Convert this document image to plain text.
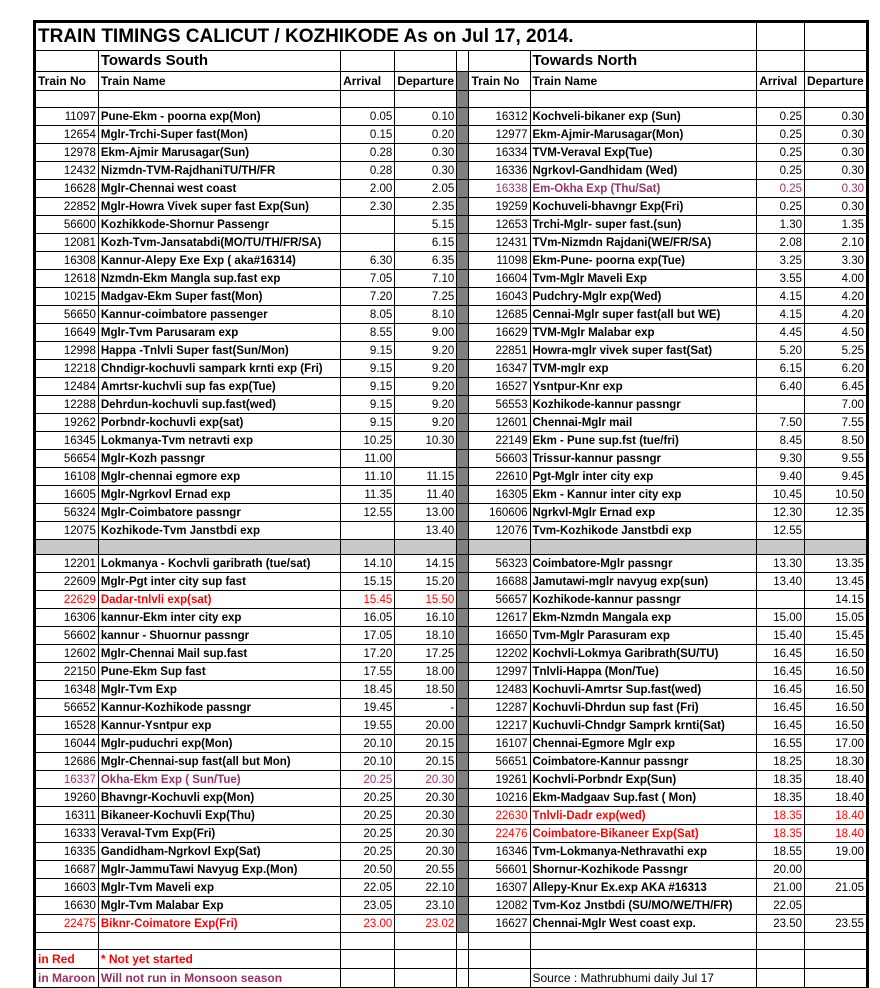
TRAIN TIMINGS CALICUT / KOZHIKODE As on Jul 17, 2014.								
	Towards South					Towards North		
Train No	Train Name	Arrival	Departure		Train No	Train Name	Arrival	Departure

11097	Pune-Ekm - poorna exp(Mon)	0.05	0.10		16312	Kochveli-bikaner exp (Sun)	0.25	0.30
12654	Mglr-Trchi-Super fast(Mon)	0.15	0.20		12977	Ekm-Ajmir-Marusagar(Mon)	0.25	0.30
12978	Ekm-Ajmir Marusagar(Sun)	0.28	0.30		16334	TVM-Veraval Exp(Tue)	0.25	0.30
12432	Nizmdn-TVM-RajdhaniTU/TH/FR	0.28	0.30		16336	Ngrkovl-Gandhidam (Wed)	0.25	0.30
16628	Mglr-Chennai west coast	2.00	2.05		16338	Em-Okha Exp (Thu/Sat)	0.25	0.30
22852	Mglr-Howra Vivek super fast Exp(Sun)	2.30	2.35		19259	Kochuveli-bhavngr Exp(Fri)	0.25	0.30
56600	Kozhikkode-Shornur Passengr		5.15		12653	Trchi-Mglr- super fast.(sun)	1.30	1.35
12081	Kozh-Tvm-Jansatabdi(MO/TU/TH/FR/SA)		6.15		12431	TVm-Nizmdn Rajdani(WE/FR/SA)	2.08	2.10
16308	Kannur-Alepy Exe Exp ( aka#16314)	6.30	6.35		11098	Ekm-Pune- poorna exp(Tue)	3.25	3.30
12618	Nzmdn-Ekm Mangla sup.fast exp	7.05	7.10		16604	Tvm-Mglr Maveli Exp	3.55	4.00
10215	Madgav-Ekm Super fast(Mon)	7.20	7.25		16043	Pudchry-Mglr exp(Wed)	4.15	4.20
56650	Kannur-coimbatore passenger	8.05	8.10		12685	Cennai-Mglr super fast(all but WE)	4.15	4.20
16649	Mglr-Tvm Parusaram exp	8.55	9.00		16629	TVM-Mglr Malabar exp	4.45	4.50
12998	Happa -Tnlvli Super fast(Sun/Mon)	9.15	9.20		22851	Howra-mglr vivek super fast(Sat)	5.20	5.25
12218	Chndigr-kochuvli sampark krnti exp (Fri)	9.15	9.20		16347	TVM-mglr exp	6.15	6.20
12484	Amrtsr-kuchvli sup fas exp(Tue)	9.15	9.20		16527	Ysntpur-Knr exp	6.40	6.45
12288	Dehrdun-kochuvli sup.fast(wed)	9.15	9.20		56553	Kozhikode-kannur passngr		7.00
19262	Porbndr-kochuvli exp(sat)	9.15	9.20		12601	Chennai-Mglr mail	7.50	7.55
16345	Lokmanya-Tvm netravti exp	10.25	10.30		22149	Ekm - Pune sup.fst (tue/fri)	8.45	8.50
56654	Mglr-Kozh passngr	11.00			56603	Trissur-kannur passngr	9.30	9.55
16108	Mglr-chennai egmore exp	11.10	11.15		22610	Pgt-Mglr inter city exp	9.40	9.45
16605	Mglr-Ngrkovl Ernad exp	11.35	11.40		16305	Ekm - Kannur inter city exp	10.45	10.50
56324	Mglr-Coimbatore passngr	12.55	13.00		160606	Ngrkvl-Mglr Ernad exp	12.30	12.35
12075	Kozhikode-Tvm Janstbdi exp		13.40		12076	Tvm-Kozhikode Janstbdi exp	12.55	

12201	Lokmanya - Kochvli garibrath (tue/sat)	14.10	14.15		56323	Coimbatore-Mglr passngr	13.30	13.35
22609	Mglr-Pgt inter city sup fast	15.15	15.20		16688	Jamutawi-mglr navyug exp(sun)	13.40	13.45
22629	Dadar-tnlvli exp(sat)	15.45	15.50		56657	Kozhikode-kannur passngr		14.15
16306	kannur-Ekm inter city exp	16.05	16.10		12617	Ekm-Nzmdn Mangala exp	15.00	15.05
56602	kannur - Shuornur passngr	17.05	18.10		16650	Tvm-Mglr Parasuram exp	15.40	15.45
12602	Mglr-Chennai Mail sup.fast	17.20	17.25		12202	Kochvli-Lokmya Garibrath(SU/TU)	16.45	16.50
22150	Pune-Ekm Sup fast	17.55	18.00		12997	Tnlvli-Happa (Mon/Tue)	16.45	16.50
16348	Mglr-Tvm Exp	18.45	18.50		12483	Kochuvli-Amrtsr Sup.fast(wed)	16.45	16.50
56652	Kannur-Kozhikode passngr	19.45	-		12287	Kochuvli-Dhrdun sup fast (Fri)	16.45	16.50
16528	Kannur-Ysntpur exp	19.55	20.00		12217	Kuchuvli-Chndgr Samprk krnti(Sat)	16.45	16.50
16044	Mglr-puduchri exp(Mon)	20.10	20.15		16107	Chennai-Egmore Mglr exp	16.55	17.00
12686	Mglr-Chennai-sup fast(all but Mon)	20.10	20.15		56651	Coimbatore-Kannur passngr	18.25	18.30
16337	Okha-Ekm Exp ( Sun/Tue)	20.25	20.30		19261	Kochvli-Porbndr Exp(Sun)	18.35	18.40
19260	Bhavngr-Kochuvli exp(Mon)	20.25	20.30		10216	Ekm-Madgaav Sup.fast ( Mon)	18.35	18.40
16311	Bikaneer-Kochuvli Exp(Thu)	20.25	20.30		22630	Tnlvli-Dadr exp(wed)	18.35	18.40
16333	Veraval-Tvm Exp(Fri)	20.25	20.30		22476	Coimbatore-Bikaneer Exp(Sat)	18.35	18.40
16335	Gandidham-Ngrkovl Exp(Sat)	20.25	20.30		16346	Tvm-Lokmanya-Nethravathi exp	18.55	19.00
16687	Mglr-JammuTawi Navyug Exp.(Mon)	20.50	20.55		56601	Shornur-Kozhikode Passngr	20.00	
16603	Mglr-Tvm Maveli exp	22.05	22.10		16307	Allepy-Knur Ex.exp AKA #16313	21.00	21.05
16630	Mglr-Tvm Malabar Exp	23.05	23.10		12082	Tvm-Koz Jnstbdi (SU/MO/WE/TH/FR)	22.05	
22475	Biknr-Coimatore Exp(Fri)	23.00	23.02		16627	Chennai-Mglr West coast exp.	23.50	23.55

in Red	* Not yet started							
in Maroon	Will not run in Monsoon season					Source : Mathrubhumi daily Jul 17		
